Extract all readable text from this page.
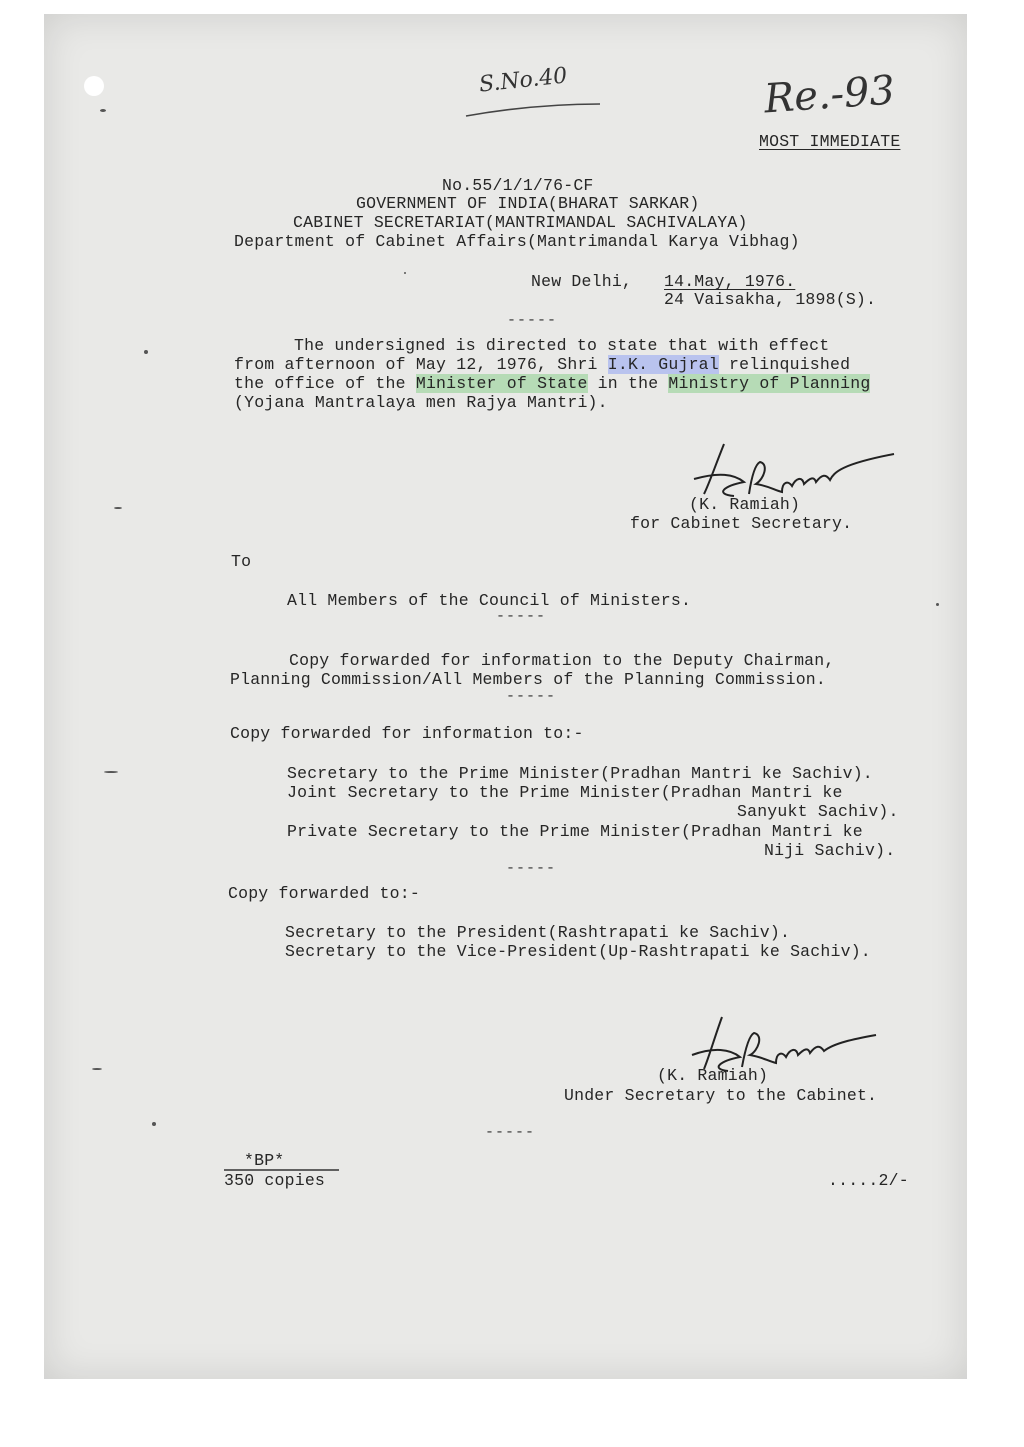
S.No.40	Re.-93
MOST IMMEDIATE
No.55/1/1/76-CF
GOVERNMENT OF INDIA(BHARAT SARKAR)
CABINET SECRETARIAT(MANTRIMANDAL SACHIVALAYA)
Department of Cabinet Affairs(Mantrimandal Karya Vibhag)
New Delhi, 14.May, 1976.
24 Vaisakha, 1898(S).
-----
The undersigned is directed to state that with effect
from afternoon of May 12, 1976, Shri I.K. Gujral relinquished
the office of the Minister of State in the Ministry of Planning
(Yojana Mantralaya men Rajya Mantri).
(K. Ramiah)
for Cabinet Secretary.
To
All Members of the Council of Ministers.
-----
Copy forwarded for information to the Deputy Chairman,
Planning Commission/All Members of the Planning Commission.
-----
Copy forwarded for information to:-
Secretary to the Prime Minister(Pradhan Mantri ke Sachiv).
Joint Secretary to the Prime Minister(Pradhan Mantri ke
Sanyukt Sachiv).
Private Secretary to the Prime Minister(Pradhan Mantri ke
Niji Sachiv).
-----
Copy forwarded to:-
Secretary to the President(Rashtrapati ke Sachiv).
Secretary to the Vice-President(Up-Rashtrapati ke Sachiv).
(K. Ramiah)
Under Secretary to the Cabinet.
-----
*BP*
350 copies	.....2/-
